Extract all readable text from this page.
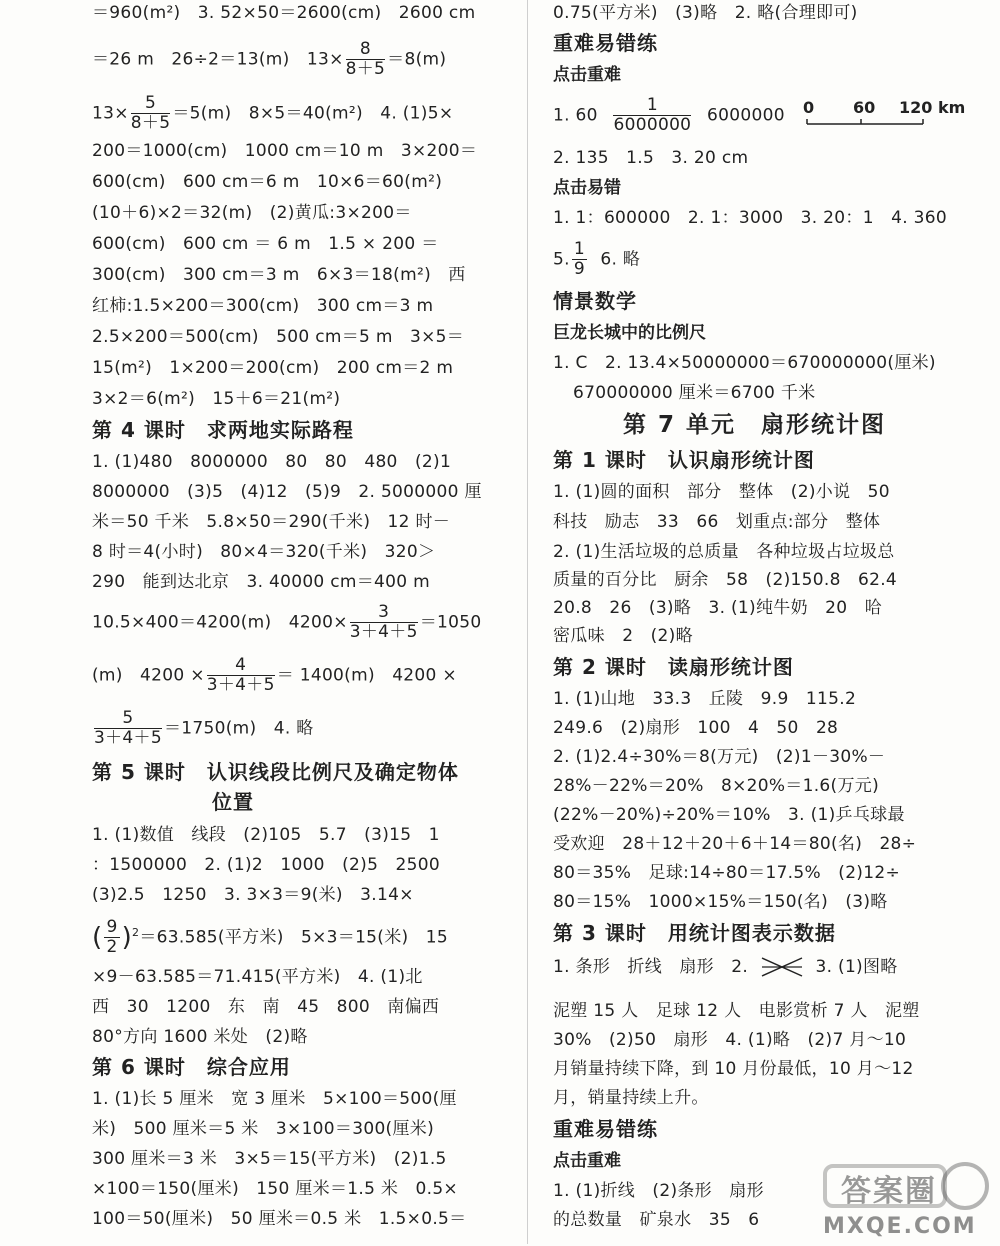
＝960(m²)　3. 52×50＝2600(cm)　2600 cm
＝26 m　26÷2＝13(m)　$13\times \frac{8}{8+5} =8(m)$
$13\times \frac{5}{8+5} =5(m)$　8×5＝40(m²)　4. (1)5×
200＝1000(cm)　1000 cm＝10 m　3×200＝
600(cm)　600 cm＝6 m　10×6＝60(m²)
(10＋6)×2＝32(m)　(2)黄瓜:3×200＝
600(cm)　600 cm ＝ 6 m　1.5 × 200 ＝
300(cm)　300 cm＝3 m　6×3＝18(m²)　西
红柿:1.5×200＝300(cm)　300 cm＝3 m
2.5×200＝500(cm)　500 cm＝5 m　3×5＝
15(m²)　1×200＝200(cm)　200 cm＝2 m
3×2＝6(m²)　15＋6＝21(m²)
第 4 课时　求两地实际路程
1. (1)480　8000000　80　80　480　(2)1
8000000　(3)5　(4)12　(5)9　2. 5000000 厘
米＝50 千米　5.8×50＝290(千米)　12 时－
8 时＝4(小时)　80×4＝320(千米)　320＞
290　能到达北京　3. 40000 cm＝400 m
10.5×400＝4200(m)　$4200\times \frac{3}{3+4+5} =1050$
(m)　$4200 \times \frac{4}{3+4+5} = 1400(m)$　4200 ×
$\frac{5}{3+4+5} =1750(m)$　4. 略
第 5 课时　认识线段比例尺及确定物体
位置
1. (1)数值　线段　(2)105　5.7　(3)15　1
：1500000　2. (1)2　1000　(2)5　2500
(3)2.5　1250　3. 3×3＝9(米)　3.14×
( $\frac{9}{2} )^2=63.585$(平方米)　5×3＝15(米)　15
×9－63.585＝71.415(平方米)　4. (1)北
西　30　1200　东　南　45　800　南偏西
80°方向 1600 米处　(2)略
第 6 课时　综合应用
1. (1)长 5 厘米　宽 3 厘米　5×100＝500(厘
米)　500 厘米＝5 米　3×100＝300(厘米)
300 厘米＝3 米　3×5＝15(平方米)　(2)1.5
×100＝150(厘米)　150 厘米＝1.5 米　0.5×
100＝50(厘米)　50 厘米＝0.5 米　1.5×0.5＝
0.75(平方米)　(3)略　2. 略(合理即可)
重难易错练
点击重难
1. $60 \frac{1}{6000000} 6000000$ 0 60 120 km
2. 135　1.5　3. 20 cm
点击易错
1. 1：600000　2. 1：3000　3. 20：1　4. 360
5. $\frac{1}{9} 6$. 略
情景数学
巨龙长城中的比例尺
1. C　2. 13.4×50000000＝670000000(厘米)
670000000 厘米＝6700 千米
第 7 单元　扇形统计图
第 1 课时　认识扇形统计图
1. (1)圆的面积　部分　整体　(2)小说　50
科技　励志　33　66　划重点:部分　整体
2. (1)生活垃圾的总质量　各种垃圾占垃圾总
质量的百分比　厨余　58　(2)150.8　62.4
20.8　26　(3)略　3. (1)纯牛奶　20　哈
密瓜味　2　(2)略
第 2 课时　读扇形统计图
1. (1)山地　33.3　丘陵　9.9　115.2
249.6　(2)扇形　100　4　50　28
2. (1)2.4÷30%＝8(万元)　(2)1－30%－
28%－22%＝20%　8×20%＝1.6(万元)
(22%－20%)÷20%＝10%　3. (1)乒乓球最
受欢迎　28＋12＋20＋6＋14＝80(名)　28÷
80＝35%　足球:14÷80＝17.5%　(2)12÷
80＝15%　1000×15%＝150(名)　(3)略
第 3 课时　用统计图表示数据
1. 条形　折线　扇形　2.	3. (1)图略
泥塑 15 人　足球 12 人　电影赏析 7 人　泥塑
30%　(2)50　扇形　4. (1)略　(2)7 月～10
月销量持续下降，到 10 月份最低，10 月～12
月，销量持续上升。
重难易错练
点击重难
1. (1)折线　(2)条形　扇形
的总数量　矿泉水　35　6
答案圈
MXQE.COM
